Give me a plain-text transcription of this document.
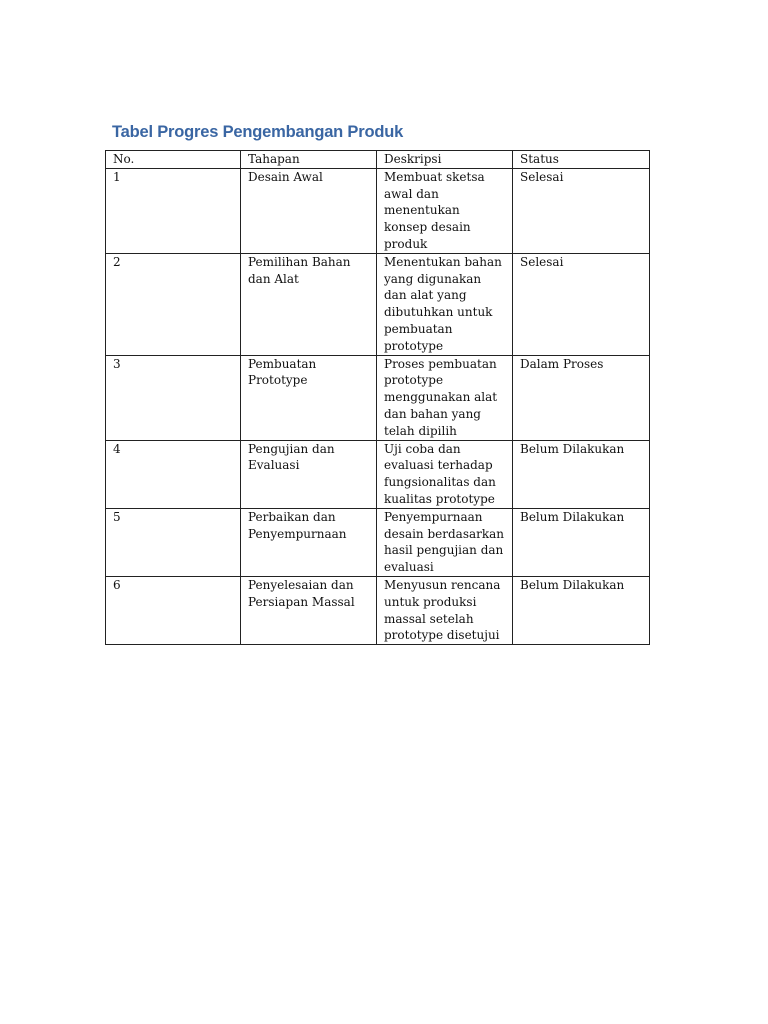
Tabel Progres Pengembangan Produk
No.	Tahapan	Deskripsi	Status
1	Desain Awal	Membuat sketsa awal dan menentukan konsep desain produk	Selesai
2	Pemilihan Bahan dan Alat	Menentukan bahan yang digunakan dan alat yang dibutuhkan untuk pembuatan prototype	Selesai
3	Pembuatan Prototype	Proses pembuatan prototype menggunakan alat dan bahan yang telah dipilih	Dalam Proses
4	Pengujian dan Evaluasi	Uji coba dan evaluasi terhadap fungsionalitas dan kualitas prototype	Belum Dilakukan
5	Perbaikan dan Penyempurnaan	Penyempurnaan desain berdasarkan hasil pengujian dan evaluasi	Belum Dilakukan
6	Penyelesaian dan Persiapan Massal	Menyusun rencana untuk produksi massal setelah prototype disetujui	Belum Dilakukan
